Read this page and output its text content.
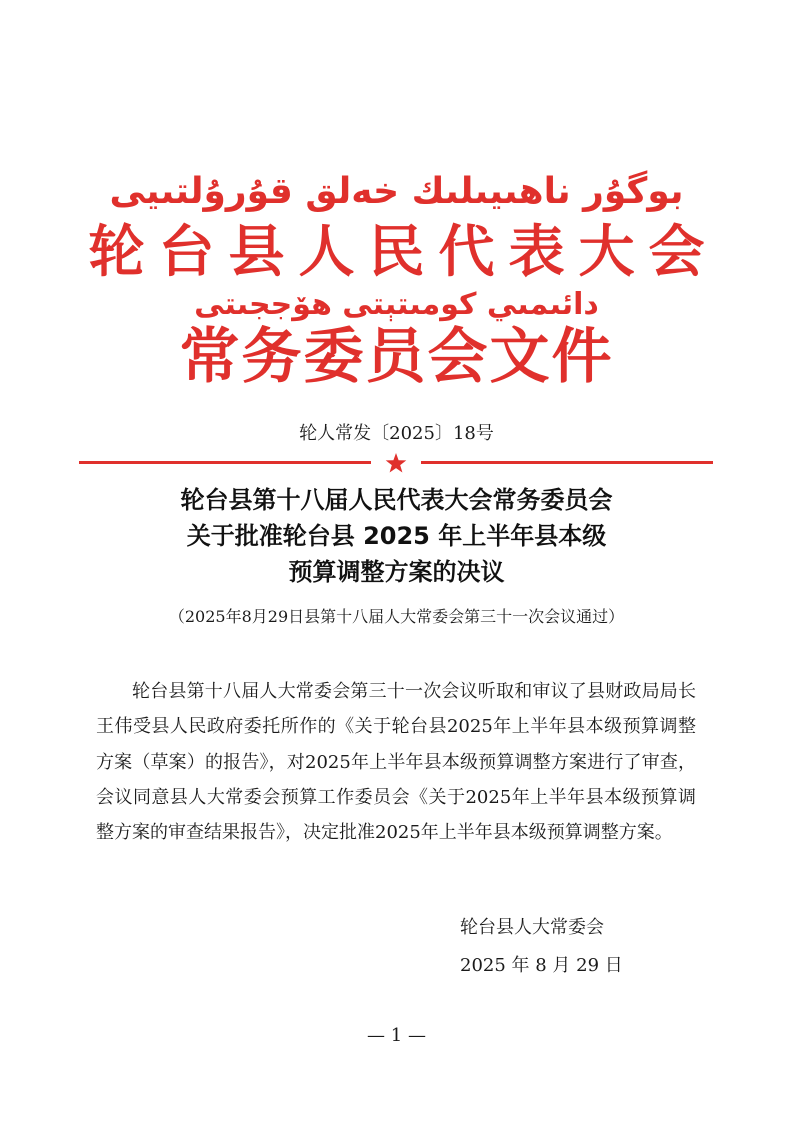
بوگۇر ناھىيىلىك خەلق قۇرۇلتىيى
轮台县人民代表大会
دائىمىي كومىتېتى ھۆججىتى
常务委员会文件
轮人常发〔2025〕18号
轮台县第十八届人民代表大会常务委员会
关于批准轮台县 2025 年上半年县本级
预算调整方案的决议
（2025年8月29日县第十八届人大常委会第三十一次会议通过）

轮台县第十八届人大常委会第三十一次会议听取和审议了县财政局局长王伟受县人民政府委托所作的《关于轮台县2025年上半年县本级预算调整方案（草案）的报告》，对2025年上半年县本级预算调整方案进行了审查，会议同意县人大常委会预算工作委员会《关于2025年上半年县本级预算调整方案的审查结果报告》，决定批准2025年上半年县本级预算调整方案。

轮台县人大常委会
2025 年 8 月 29 日
— 1 —
